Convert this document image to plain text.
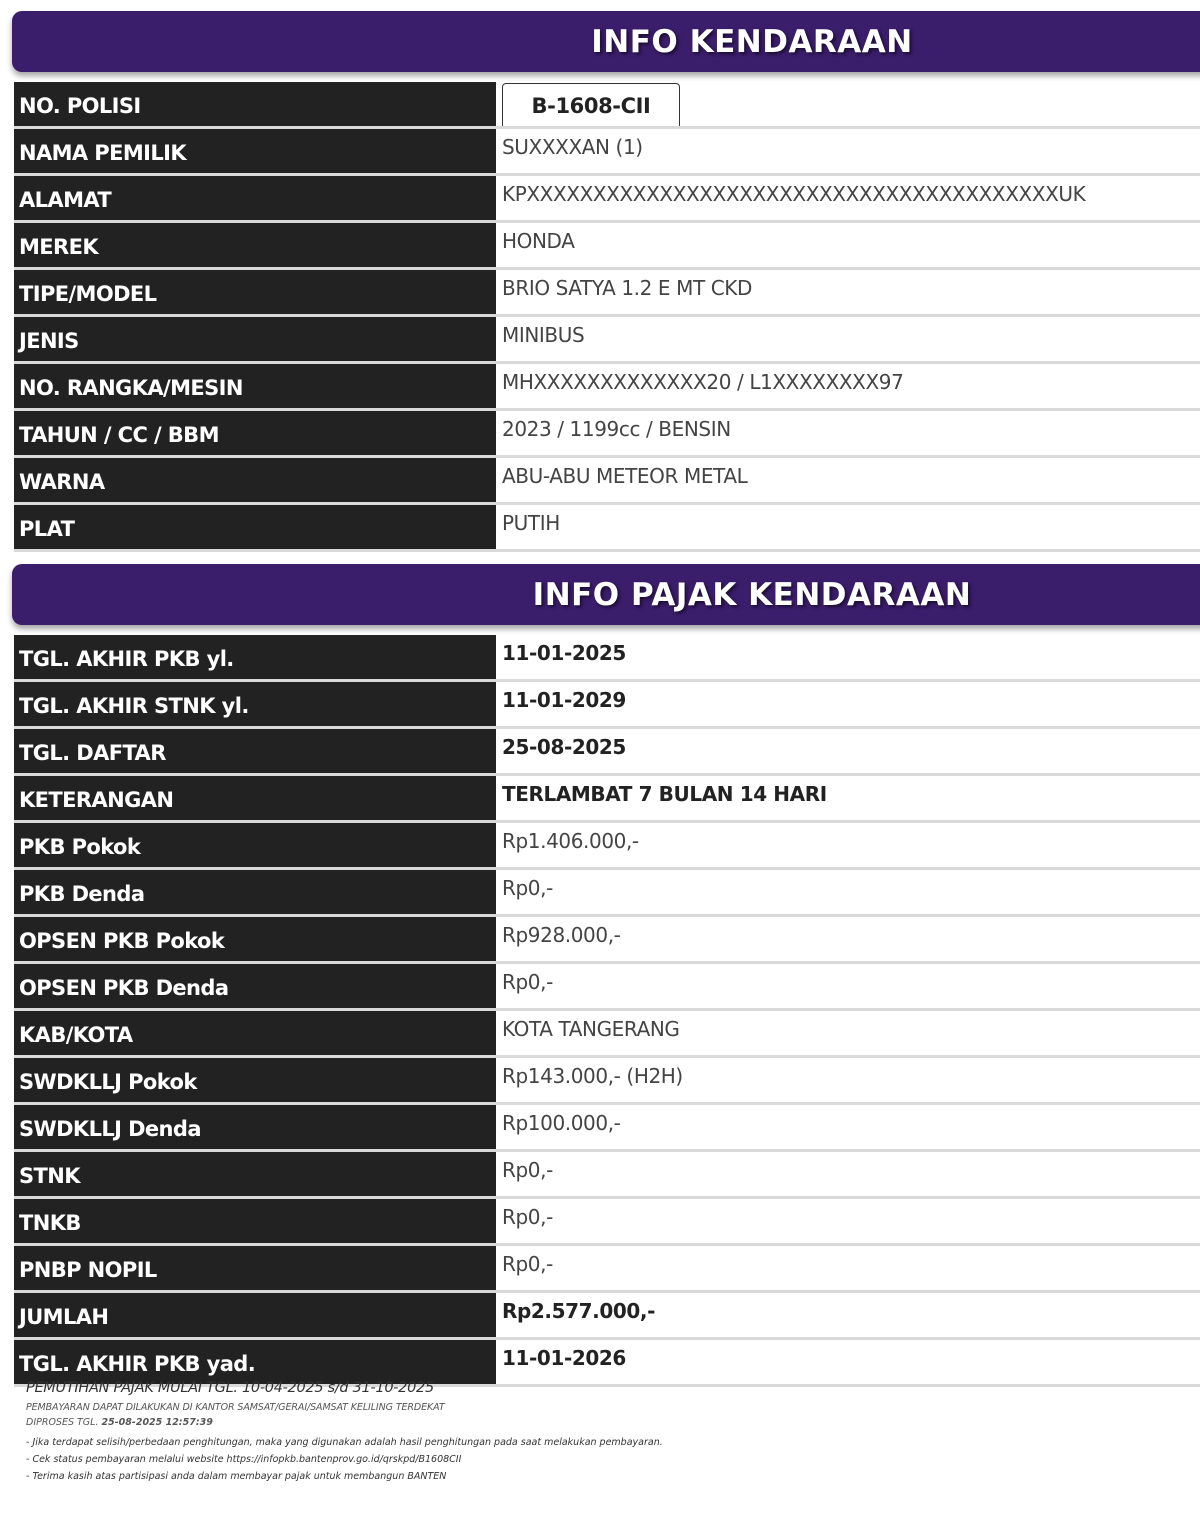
INFO KENDARAAN
NO. POLISI	B-1608-CII
NAMA PEMILIK	SUXXXXAN (1)
ALAMAT	KPXXXXXXXXXXXXXXXXXXXXXXXXXXXXXXXXXXXXXXXXUK
MEREK	HONDA
TIPE/MODEL	BRIO SATYA 1.2 E MT CKD
JENIS	MINIBUS
NO. RANGKA/MESIN	MHXXXXXXXXXXXXX20 / L1XXXXXXXX97
TAHUN / CC / BBM	2023 / 1199cc / BENSIN
WARNA	ABU-ABU METEOR METAL
PLAT	PUTIH
INFO PAJAK KENDARAAN
TGL. AKHIR PKB yl.	11-01-2025
TGL. AKHIR STNK yl.	11-01-2029
TGL. DAFTAR	25-08-2025
KETERANGAN	TERLAMBAT 7 BULAN 14 HARI
PKB Pokok	Rp1.406.000,-
PKB Denda	Rp0,-
OPSEN PKB Pokok	Rp928.000,-
OPSEN PKB Denda	Rp0,-
KAB/KOTA	KOTA TANGERANG
SWDKLLJ Pokok	Rp143.000,- (H2H)
SWDKLLJ Denda	Rp100.000,-
STNK	Rp0,-
TNKB	Rp0,-
PNBP NOPIL	Rp0,-
JUMLAH	Rp2.577.000,-
TGL. AKHIR PKB yad.	11-01-2026
PEMUTIHAN PAJAK MULAI TGL. 10-04-2025 s/d 31-10-2025
PEMBAYARAN DAPAT DILAKUKAN DI KANTOR SAMSAT/GERAI/SAMSAT KELILING TERDEKAT
DIPROSES TGL. 25-08-2025 12:57:39
- Jika terdapat selisih/perbedaan penghitungan, maka yang digunakan adalah hasil penghitungan pada saat melakukan pembayaran.
- Cek status pembayaran melalui website https://infopkb.bantenprov.go.id/qrskpd/B1608CII
- Terima kasih atas partisipasi anda dalam membayar pajak untuk membangun BANTEN
